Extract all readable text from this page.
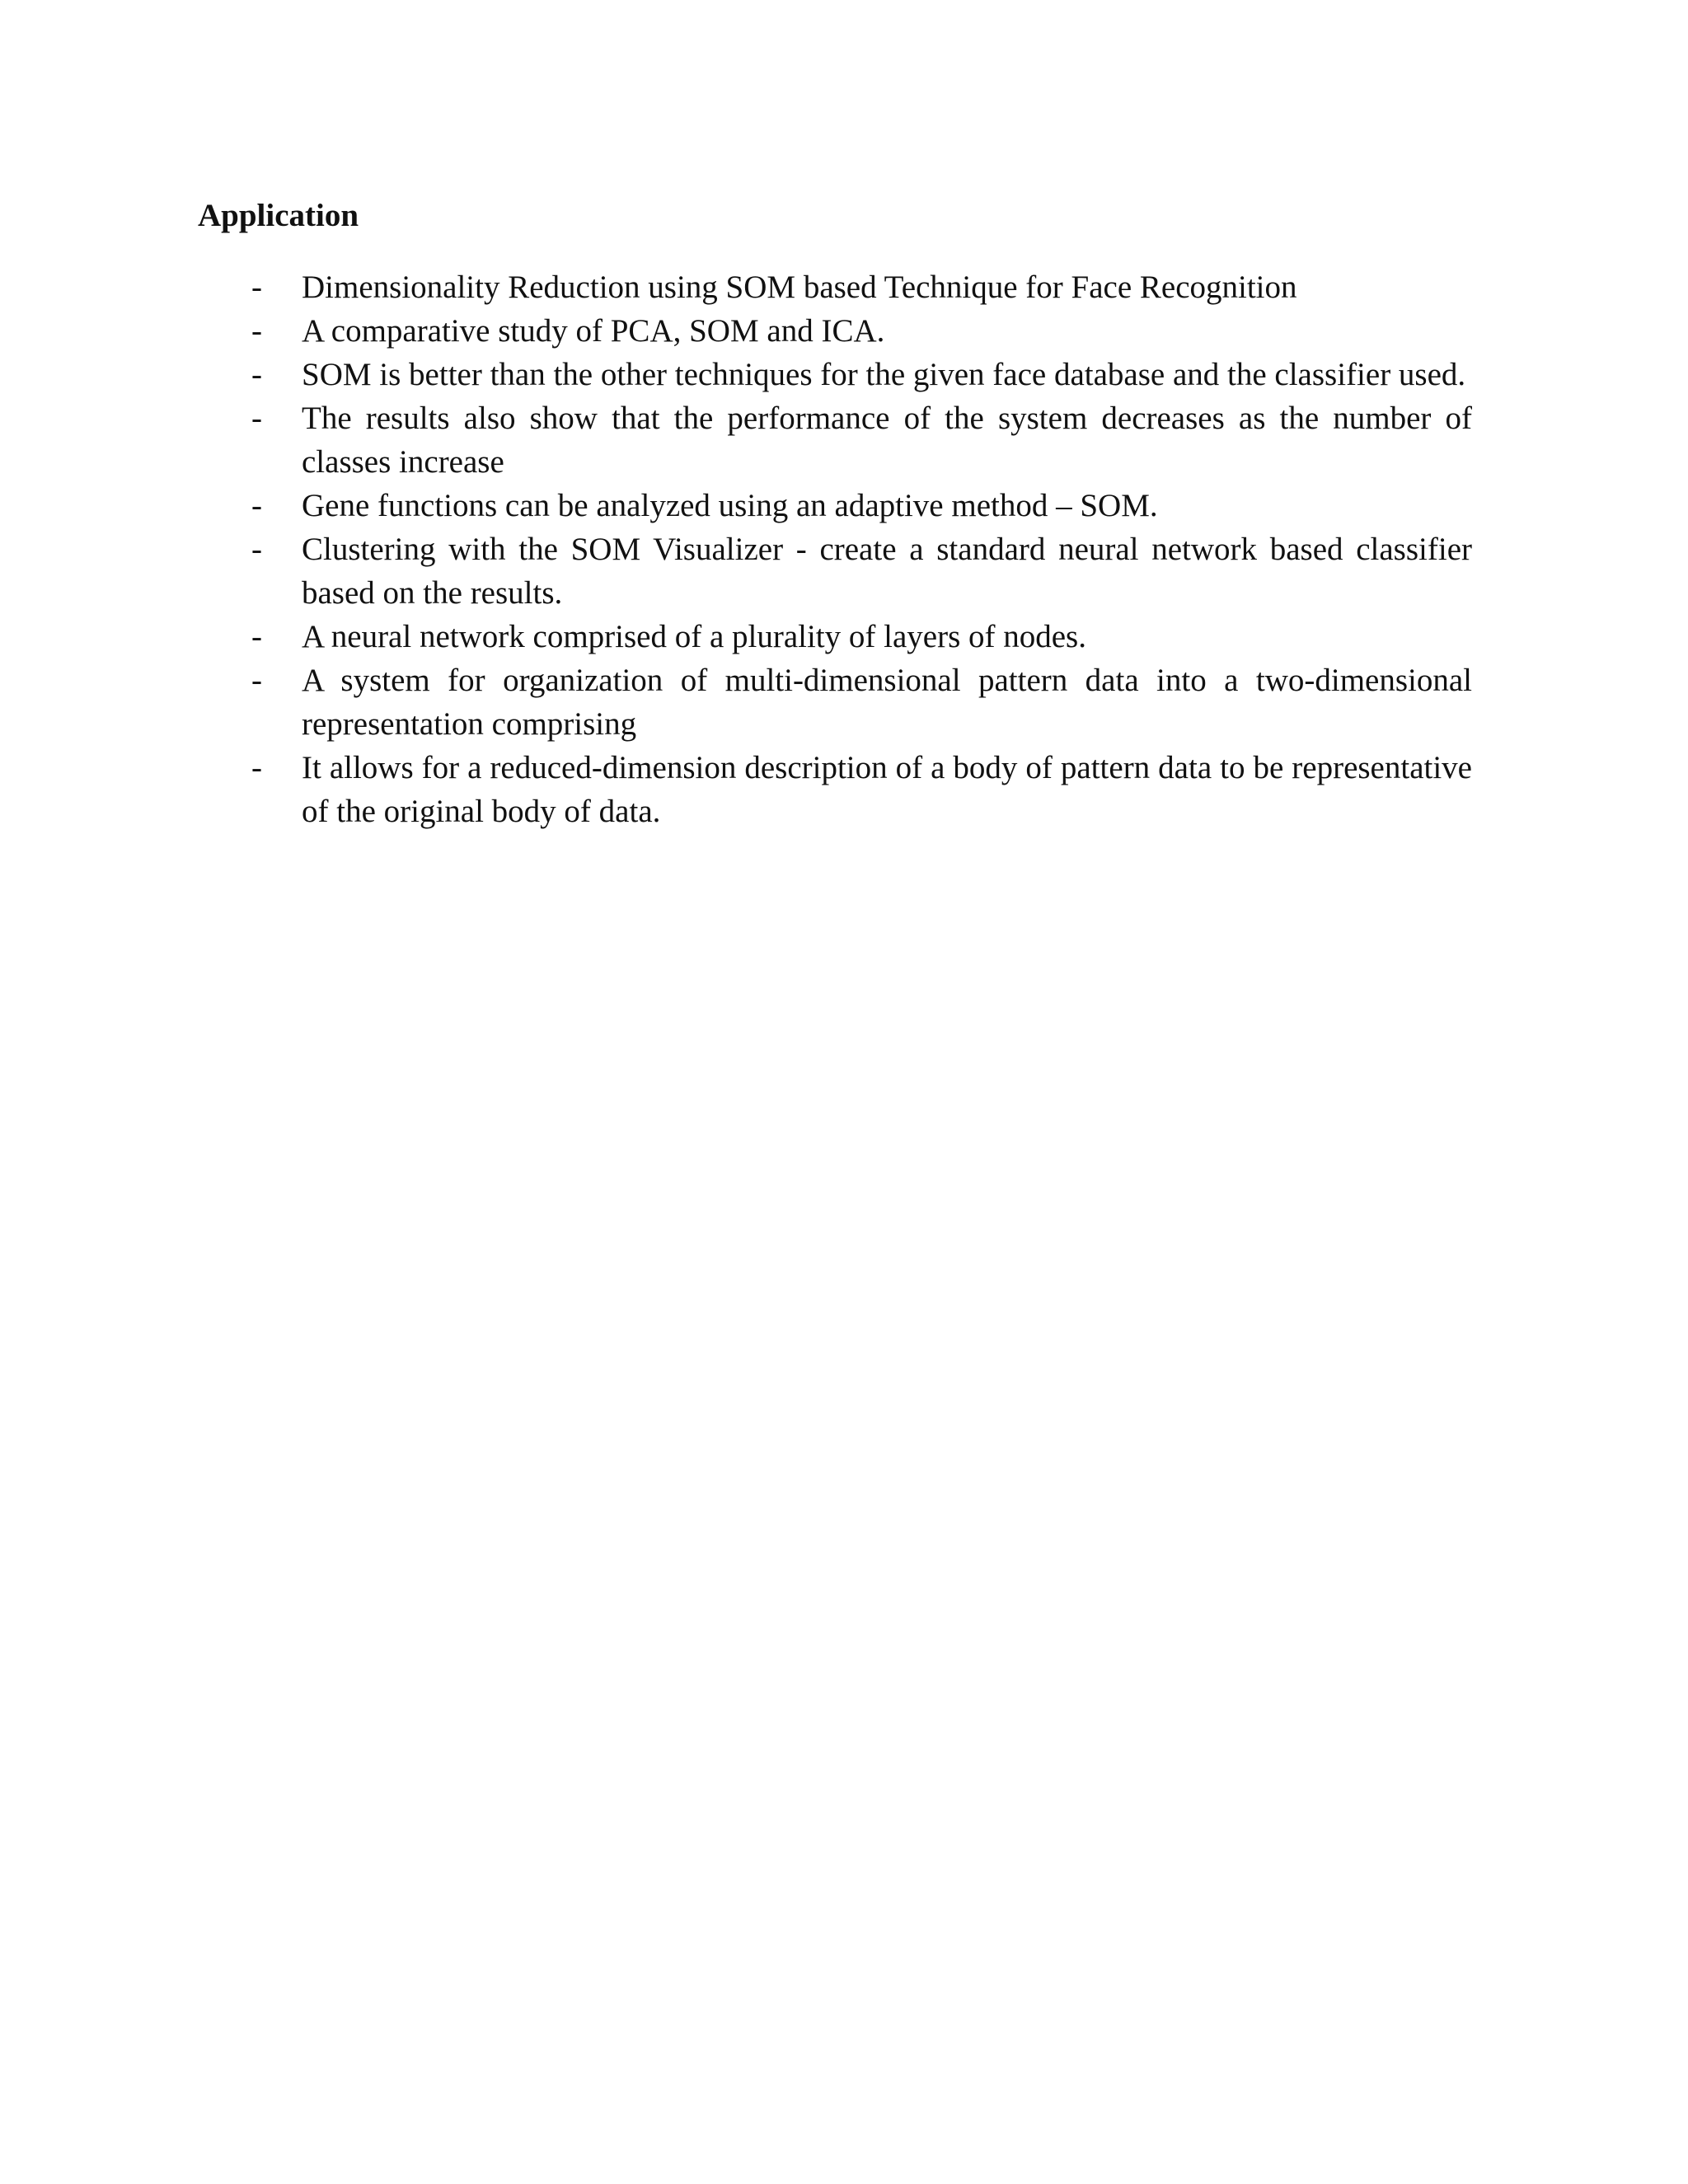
Application
- Dimensionality Reduction using SOM based Technique for Face Recognition
- A comparative study of PCA, SOM and ICA.
- SOM is better than the other techniques for the given face database and the classifier used.
- The results also show that the performance of the system decreases as the number of classes increase
- Gene functions can be analyzed using an adaptive method – SOM.
- Clustering with the SOM Visualizer - create a standard neural network based classifier based on the results.
- A neural network comprised of a plurality of layers of nodes.
- A system for organization of multi-dimensional pattern data into a two-dimensional representation comprising
- It allows for a reduced-dimension description of a body of pattern data to be representative of the original body of data.
